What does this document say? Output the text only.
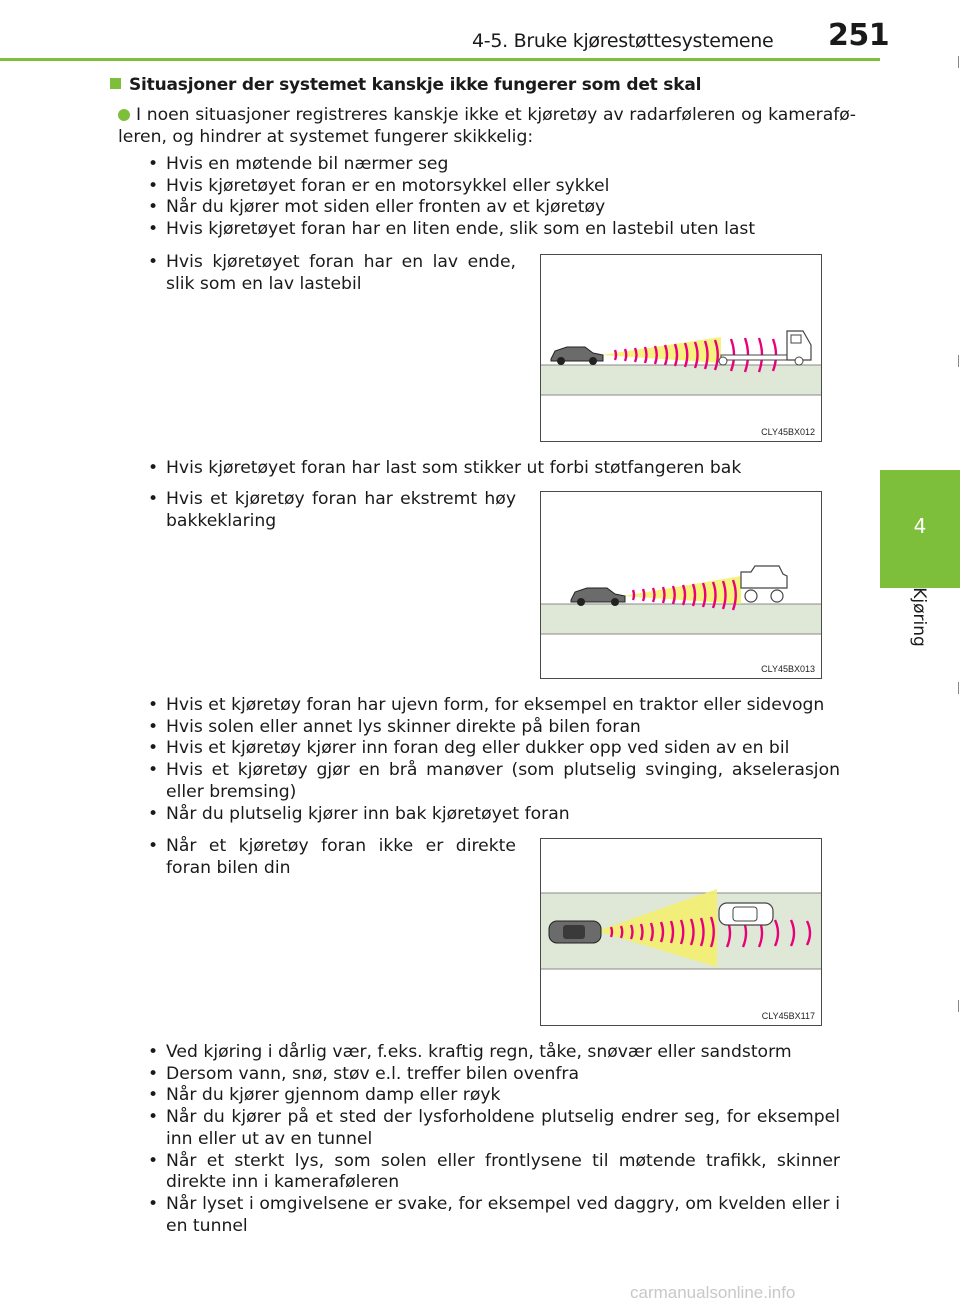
4-5. Bruke kjørestøttesystemene 251
4
Kjøring
Situasjoner der systemet kanskje ikke fungerer som det skal
I noen situasjoner registreres kanskje ikke et kjøretøy av radarføleren og kameraføleren, og hindrer at systemet fungerer skikkelig:
• Hvis en møtende bil nærmer seg
• Hvis kjøretøyet foran er en motorsykkel eller sykkel
• Når du kjører mot siden eller fronten av et kjøretøy
• Hvis kjøretøyet foran har en liten ende, slik som en lastebil uten last
• Hvis kjøretøyet foran har en lav ende, slik som en lav lastebil
CLY45BX012
• Hvis kjøretøyet foran har last som stikker ut forbi støtfangeren bak
• Hvis et kjøretøy foran har ekstremt høy bakkeklaring
CLY45BX013
• Hvis et kjøretøy foran har ujevn form, for eksempel en traktor eller sidevogn
• Hvis solen eller annet lys skinner direkte på bilen foran
• Hvis et kjøretøy kjører inn foran deg eller dukker opp ved siden av en bil
• Hvis et kjøretøy gjør en brå manøver (som plutselig svinging, akselerasjon eller bremsing)
• Når du plutselig kjører inn bak kjøretøyet foran
• Når et kjøretøy foran ikke er direkte foran bilen din
CLY45BX117
• Ved kjøring i dårlig vær, f.eks. kraftig regn, tåke, snøvær eller sandstorm
• Dersom vann, snø, støv e.l. treffer bilen ovenfra
• Når du kjører gjennom damp eller røyk
• Når du kjører på et sted der lysforholdene plutselig endrer seg, for eksempel inn eller ut av en tunnel
• Når et sterkt lys, som solen eller frontlysene til møtende trafikk, skinner direkte inn i kameraføleren
• Når lyset i omgivelsene er svake, for eksempel ved daggry, om kvelden eller i en tunnel
carmanualsonline.info
